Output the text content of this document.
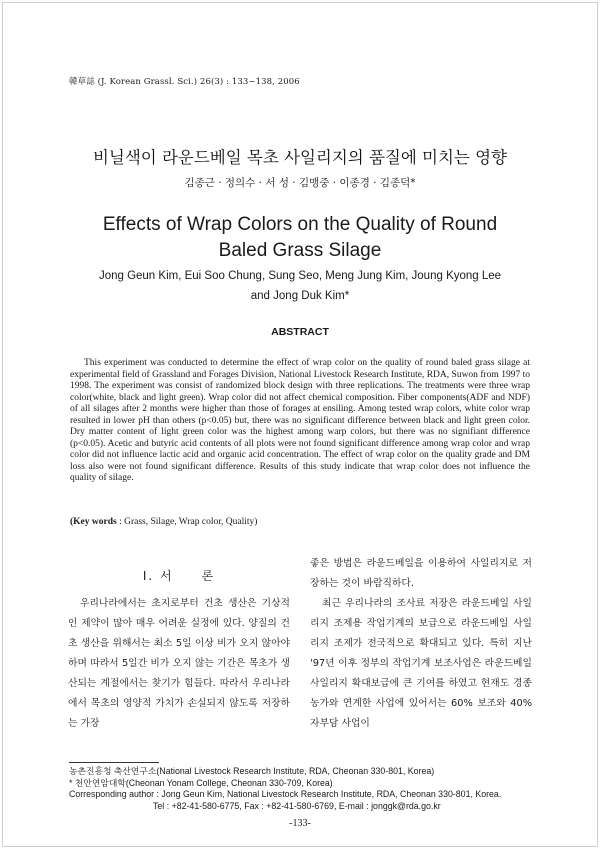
韓草誌 (J. Korean Grassl. Sci.) 26(3) : 133~138, 2006
비닐색이 라운드베일 목초 사일리지의 품질에 미치는 영향
김종근 · 정의수 · 서 성 · 김맹중 · 이종경 · 김종덕*
Effects of Wrap Colors on the Quality of Round Baled Grass Silage
Jong Geun Kim, Eui Soo Chung, Sung Seo, Meng Jung Kim, Joung Kyong Lee
and Jong Duk Kim*
ABSTRACT
This experiment was conducted to determine the effect of wrap color on the quality of round baled grass silage at experimental field of Grassland and Forages Division, National Livestock Research Institute, RDA, Suwon from 1997 to 1998. The experiment was consist of randomized block design with three replications. The treatments were three wrap color(white, black and light green). Wrap color did not affect chemical composition. Fiber components(ADF and NDF) of all silages after 2 months were higher than those of forages at ensiling. Among tested wrap colors, white color wrap resulted in lower pH than others (p<0.05) but, there was no significant difference between black and light green color. Dry matter content of light green color was the highest among warp colors, but there was no signifiant difference (p<0.05). Acetic and butyric acid contents of all plots were not found significant difference among wrap color and wrap color did not influence lactic acid and organic acid concentration. The effect of wrap color on the quality grade and DM loss also were not found significant difference. Results of this study indicate that wrap color does not influence the quality of silage.
(Key words : Grass, Silage, Wrap color, Quality)
Ⅰ. 서　　론

우리나라에서는 초지로부터 건초 생산은 기상적인 제약이 많아 매우 어려운 실정에 있다. 양질의 건초 생산을 위해서는 최소 5일 이상 비가 오지 않아야 하며 따라서 5일간 비가 오지 않는 기간은 목초가 생산되는 계절에서는 찾기가 힘들다. 따라서 우리나라에서 목초의 영양적 가치가 손실되지 않도록 저장하는 가장

좋은 방법은 라운드베일을 이용하여 사일리지로 저장하는 것이 바람직하다.

최근 우리나라의 조사료 저장은 라운드베일 사일리지 조제용 작업기계의 보급으로 라운드베일 사일리지 조제가 전국적으로 확대되고 있다. 특히 지난 '97년 이후 정부의 작업기계 보조사업은 라운드베일 사일리지 확대보급에 큰 기여를 하였고 현재도 경종농가와 연계한 사업에 있어서는 60% 보조와 40% 자부담 사업이

농촌진흥청 축산연구소(National Livestock Research Institute, RDA, Cheonan 330-801, Korea)
* 천안연암대학(Cheonan Yonam College, Cheonan 330-709, Korea)
Corresponding author : Jong Geun Kim, National Livestock Research Institute, RDA, Cheonan 330-801, Korea.
Tel : +82-41-580-6775, Fax : +82-41-580-6769, E-mail : jonggk@rda.go.kr
-133-
